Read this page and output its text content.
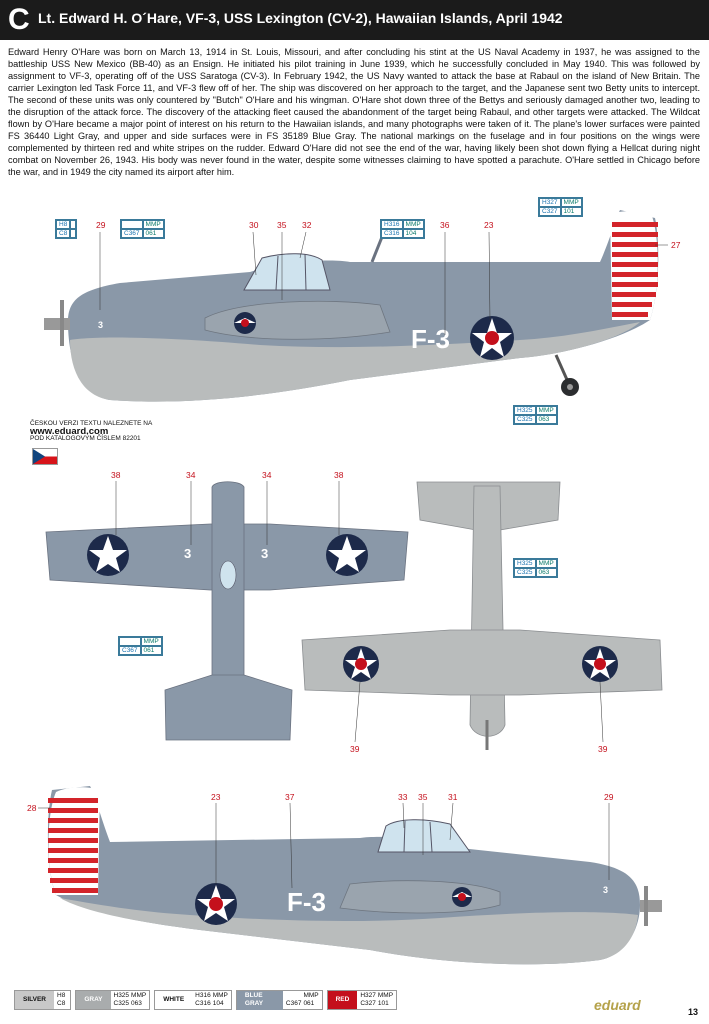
C Lt. Edward H. O´Hare, VF-3, USS Lexington (CV-2), Hawaiian Islands, April 1942
Edward Henry O'Hare was born on March 13, 1914 in St. Louis, Missouri, and after concluding his stint at the US Naval Academy in 1937, he was assigned to the battleship USS New Mexico (BB-40) as an Ensign. He initiated his pilot training in June 1939, which he successfully concluded in May 1940. This was followed by assignment to VF-3, operating off of the USS Saratoga (CV-3). In February 1942, the US Navy wanted to attack the base at Rabaul on the island of New Britain. The carrier Lexington led Task Force 11, and VF-3 flew off of her. The ship was discovered on her approach to the target, and the Japanese sent two Betty units to intercept. The second of these units was only countered by "Butch" O'Hare and his wingman. O'Hare shot down three of the Bettys and seriously damaged another two, leading to the disruption of the attack force. The discovery of the attacking fleet caused the abandonment of the target being Rabaul, and other targets were attacked. The Wildcat flown by O'Hare became a major point of interest on his return to the Hawaiian islands, and many photographs were taken of it. The plane's lower surfaces were painted FS 36440 Light Gray, and upper and side surfaces were in FS 35189 Blue Gray. The national markings on the fuselage and in four positions on the wings were complemented by thirteen red and white stripes on the rudder. Edward O'Hare did not see the end of the war, having likely been shot down flying a Hellcat during night combat on November 26, 1943. His body was never found in the water, despite some witnesses claiming to have spotted a parachute. O'Hare settled in Chicago before the war, and in 1949 the city named its airport after him.
F-3
3
29	30 35 32	36	23
27
H8
C8
MMP
C367 061
H316 MMP
C316 104
H327 MMP
C327 101
H325 MMP
C325 063
ČESKOU VERZI TEXTU NALEZNETE NA
www.eduard.com
POD KATALOGOVÝM ČÍSLEM 82201
3	3
38	34	34	38
MMP
C367 061
39	39
H325 MMP
C325 063
F-3	3
28
23	37	33 35 31	29
SILVER
H8
C8
GRAY
H325 MMP
C325 063
WHITE
H316 MMP
C316 104
BLUE GRAY
MMP
C367 061
RED
H327 MMP
C327 101	eduard	13
